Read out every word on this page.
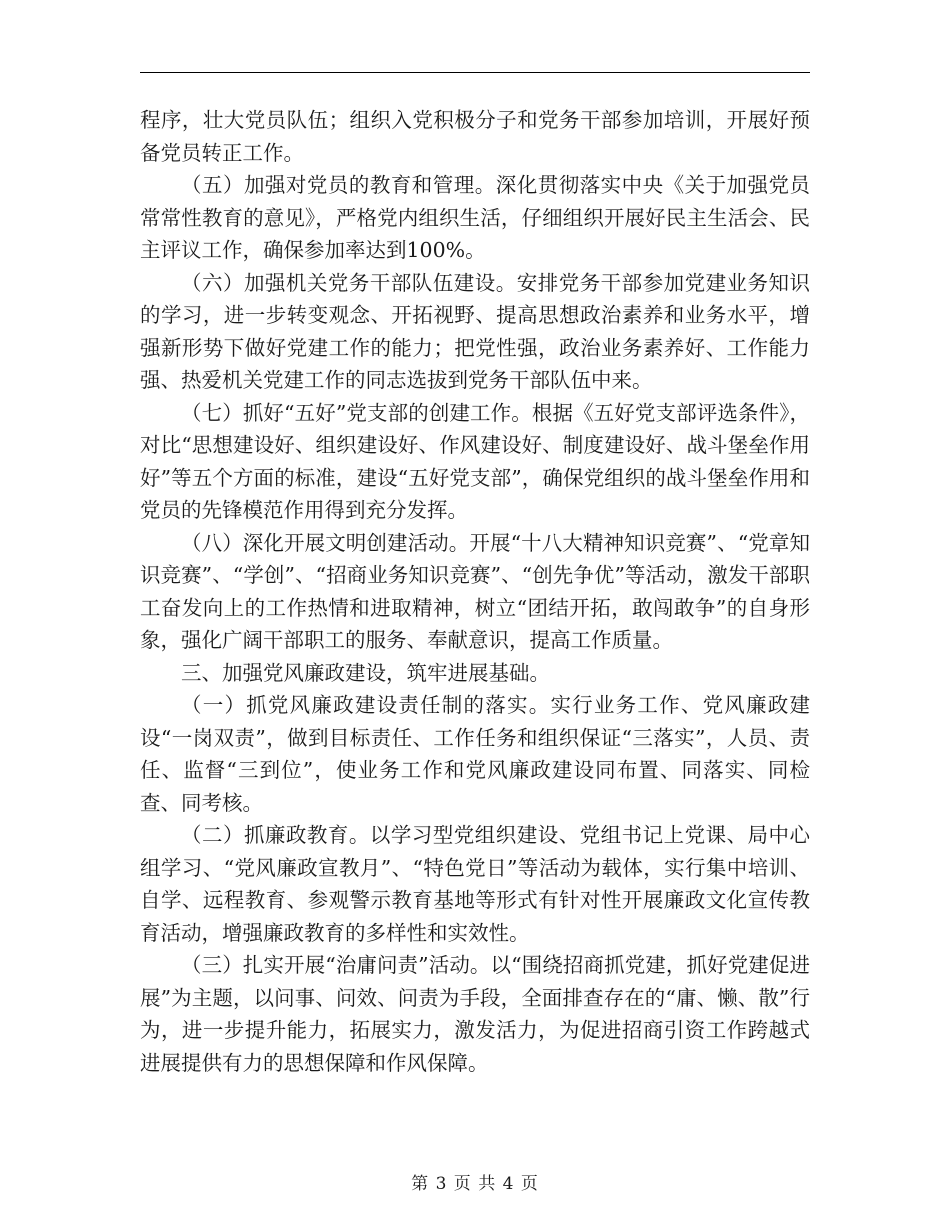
程序，壮大党员队伍；组织入党积极分子和党务干部参加培训，开展好预备党员转正工作。

（五）加强对党员的教育和管理。深化贯彻落实中央《关于加强党员常常性教育的意见》，严格党内组织生活，仔细组织开展好民主生活会、民主评议工作，确保参加率达到100%。

（六）加强机关党务干部队伍建设。安排党务干部参加党建业务知识的学习，进一步转变观念、开拓视野、提高思想政治素养和业务水平，增强新形势下做好党建工作的能力；把党性强，政治业务素养好、工作能力强、热爱机关党建工作的同志选拔到党务干部队伍中来。

（七）抓好“五好”党支部的创建工作。根据《五好党支部评选条件》，对比“思想建设好、组织建设好、作风建设好、制度建设好、战斗堡垒作用好”等五个方面的标准，建设“五好党支部”，确保党组织的战斗堡垒作用和党员的先锋模范作用得到充分发挥。

（八）深化开展文明创建活动。开展“十八大精神知识竞赛”、“党章知识竞赛”、“学创”、“招商业务知识竞赛”、“创先争优”等活动，激发干部职工奋发向上的工作热情和进取精神，树立“团结开拓，敢闯敢争”的自身形象，强化广阔干部职工的服务、奉献意识，提高工作质量。

三、加强党风廉政建设，筑牢进展基础。

（一）抓党风廉政建设责任制的落实。实行业务工作、党风廉政建设“一岗双责”，做到目标责任、工作任务和组织保证“三落实”，人员、责任、监督“三到位”，使业务工作和党风廉政建设同布置、同落实、同检查、同考核。

（二）抓廉政教育。以学习型党组织建设、党组书记上党课、局中心组学习、“党风廉政宣教月”、“特色党日”等活动为载体，实行集中培训、自学、远程教育、参观警示教育基地等形式有针对性开展廉政文化宣传教育活动，增强廉政教育的多样性和实效性。

（三）扎实开展“治庸问责”活动。以“围绕招商抓党建，抓好党建促进展”为主题，以问事、问效、问责为手段，全面排查存在的“庸、懒、散”行为，进一步提升能力，拓展实力，激发活力，为促进招商引资工作跨越式进展提供有力的思想保障和作风保障。

第 3 页 共 4 页
